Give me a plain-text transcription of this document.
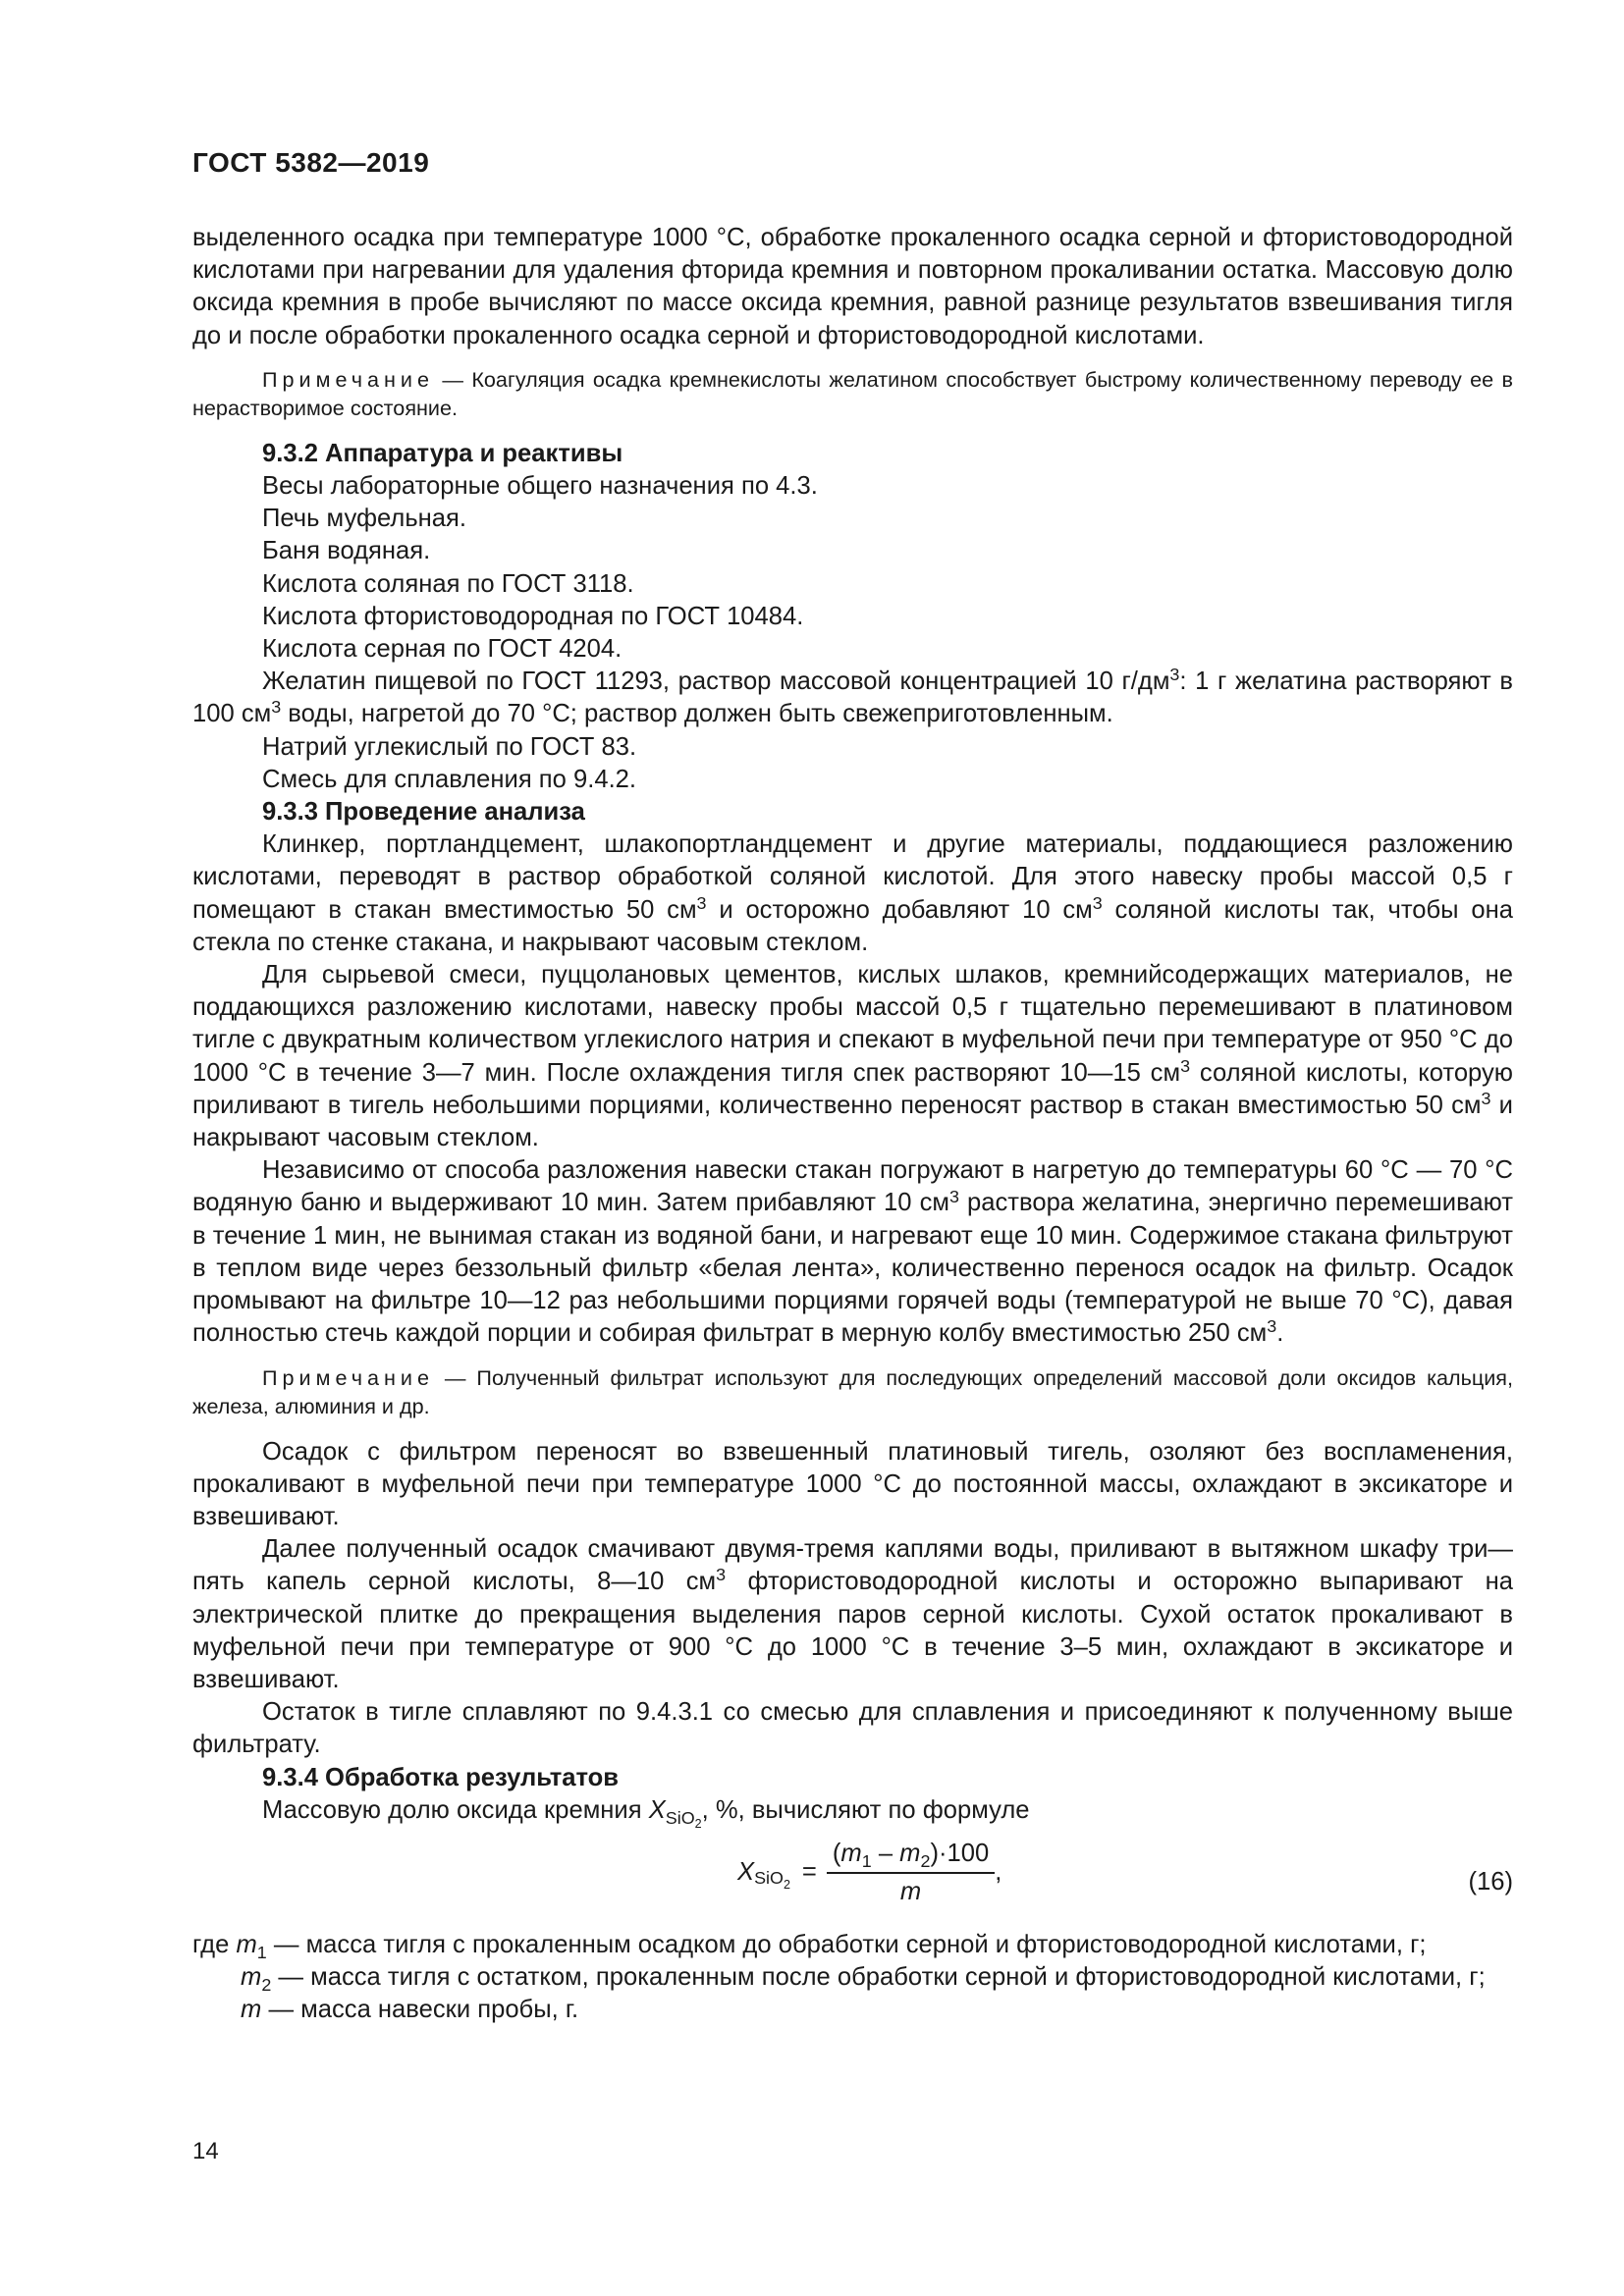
ГОСТ 5382—2019

выделенного осадка при температуре 1000 °С, обработке прокаленного осадка серной и фтористоводородной кислотами при нагревании для удаления фторида кремния и повторном прокаливании остатка. Массовую долю оксида кремния в пробе вычисляют по массе оксида кремния, равной разнице результатов взвешивания тигля до и после обработки прокаленного осадка серной и фтористоводородной кислотами.

Примечание — Коагуляция осадка кремнекислоты желатином способствует быстрому количественному переводу ее в нерастворимое состояние.

9.3.2 Аппаратура и реактивы

Весы лабораторные общего назначения по 4.3.

Печь муфельная.

Баня водяная.

Кислота соляная по ГОСТ 3118.

Кислота фтористоводородная по ГОСТ 10484.

Кислота серная по ГОСТ 4204.

Желатин пищевой по ГОСТ 11293, раствор массовой концентрацией 10 $г/дм^3$: 1 г желатина растворяют в 100 $см^3$ воды, нагретой до 70 °С; раствор должен быть свежеприготовленным.

Натрий углекислый по ГОСТ 83.

Смесь для сплавления по 9.4.2.

9.3.3 Проведение анализа

Клинкер, портландцемент, шлакопортландцемент и другие материалы, поддающиеся разложению кислотами, переводят в раствор обработкой соляной кислотой. Для этого навеску пробы массой 0,5 г помещают в стакан вместимостью 50 $см^3$ и осторожно добавляют 10 $см^3$ соляной кислоты так, чтобы она стекла по стенке стакана, и накрывают часовым стеклом.

Для сырьевой смеси, пуццолановых цементов, кислых шлаков, кремнийсодержащих материалов, не поддающихся разложению кислотами, навеску пробы массой 0,5 г тщательно перемешивают в платиновом тигле с двукратным количеством углекислого натрия и спекают в муфельной печи при температуре от 950 °С до 1000 °С в течение 3—7 мин. После охлаждения тигля спек растворяют 10—15 $см^3$ соляной кислоты, которую приливают в тигель небольшими порциями, количественно переносят раствор в стакан вместимостью 50 $см^3$ и накрывают часовым стеклом.

Независимо от способа разложения навески стакан погружают в нагретую до температуры 60 °С — 70 °С водяную баню и выдерживают 10 мин. Затем прибавляют 10 $см^3$ раствора желатина, энергично перемешивают в течение 1 мин, не вынимая стакан из водяной бани, и нагревают еще 10 мин. Содержимое стакана фильтруют в теплом виде через беззольный фильтр «белая лента», количественно перенося осадок на фильтр. Осадок промывают на фильтре 10—12 раз небольшими порциями горячей воды (температурой не выше 70 °С), давая полностью стечь каждой порции и собирая фильтрат в мерную колбу вместимостью 250 $см^3$.

Примечание — Полученный фильтрат используют для последующих определений массовой доли оксидов кальция, железа, алюминия и др.

Осадок с фильтром переносят во взвешенный платиновый тигель, озоляют без воспламенения, прокаливают в муфельной печи при температуре 1000 °С до постоянной массы, охлаждают в эксикаторе и взвешивают.

Далее полученный осадок смачивают двумя-тремя каплями воды, приливают в вытяжном шкафу три—пять капель серной кислоты, 8—10 $см^3$ фтористоводородной кислоты и осторожно выпаривают на электрической плитке до прекращения выделения паров серной кислоты. Сухой остаток прокаливают в муфельной печи при температуре от 900 °С до 1000 °С в течение 3–5 мин, охлаждают в эксикаторе и взвешивают.

Остаток в тигле сплавляют по 9.4.3.1 со смесью для сплавления и присоединяют к полученному выше фильтрату.

9.3.4 Обработка результатов

Массовую долю оксида кремния $X_{SiO_2}$, %, вычисляют по формуле

X $_{SiO_2} = \frac{(m_1 - m_2)\cdot 100}{m}$ ,	(16)

где $m_1$ — масса тигля с прокаленным осадком до обработки серной и фтористоводородной кислотами, г;

$m_2$ — масса тигля с остатком, прокаленным после обработки серной и фтористоводородной кислотами, г;

m — масса навески пробы, г.

14
